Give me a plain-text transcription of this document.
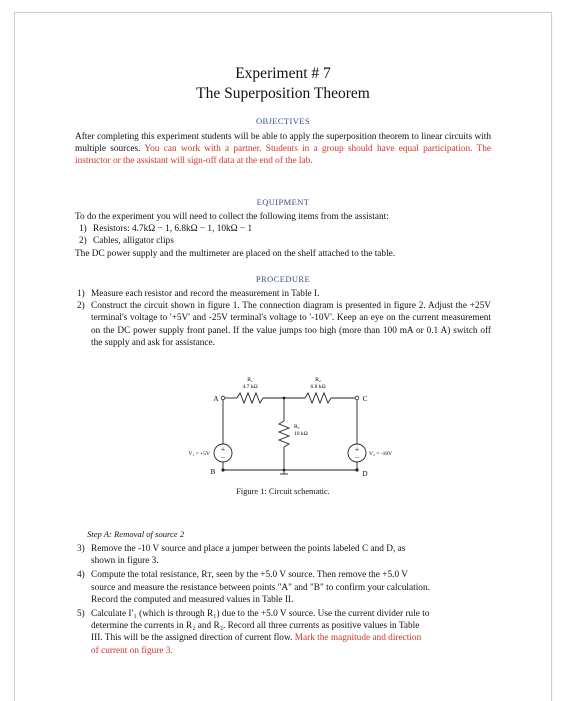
Experiment # 7
The Superposition Theorem
OBJECTIVES
After completing this experiment students will be able to apply the superposition theorem to linear circuits with multiple sources. You can work with a partner. Students in a group should have equal participation. The instructor or the assistant will sign-off data at the end of the lab.
EQUIPMENT
To do the experiment you will need to collect the following items from the assistant:
1) Resistors: 4.7kΩ − 1, 6.8kΩ − 1, 10kΩ − 1
2) Cables, alligator clips
The DC power supply and the multimeter are placed on the shelf attached to the table.
PROCEDURE
1) Measure each resistor and record the measurement in Table I.
2) Construct the circuit shown in figure 1. The connection diagram is presented in figure 2. Adjust the +25V terminal's voltage to '+5V' and -25V terminal's voltage to '-10V'. Keep an eye on the current measurement on the DC power supply front panel. If the value jumps too high (more than 100 mA or 0.1 A) switch off the supply and ask for assistance.
+
−
+
−
R₁
4.7 kΩ
R₂
6.8 kΩ
R₃
10 kΩ
V₁ = +5V	V₂ = -10V
A	C
B	D
Figure 1: Circuit schematic.
Step A: Removal of source 2
3) Remove the -10 V source and place a jumper between the points labeled C and D, as
shown in figure 3.
4) Compute the total resistance, Rᴛ, seen by the +5.0 V source. Then remove the +5.0 V
source and measure the resistance between points "A" and "B" to confirm your calculation.
Record the computed and measured values in Table II.
5) Calculate I′₁ (which is through R₁) due to the +5.0 V source. Use the current divider rule to
determine the currents in R₂ and R₃. Record all three currents as positive values in Table
III. This will be the assigned direction of current flow. Mark the magnitude and direction
of current on figure 3.
